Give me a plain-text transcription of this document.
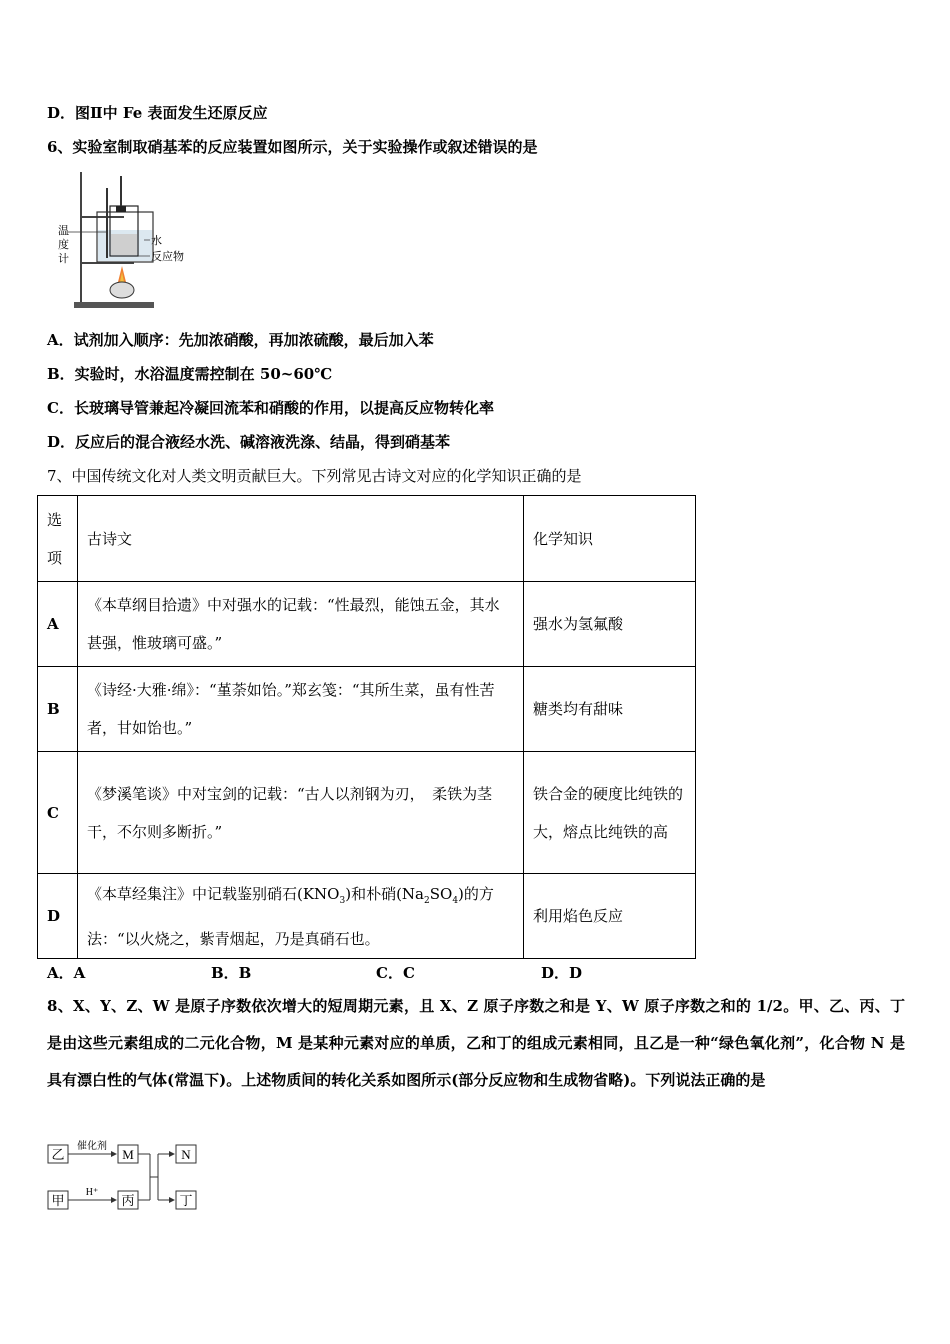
D．图Ⅱ中 Fe 表面发生还原反应
6、实验室制取硝基苯的反应装置如图所示，关于实验操作或叙述错误的是
温
度
计
水
反应物
A．试剂加入顺序：先加浓硝酸，再加浓硫酸，最后加入苯
B．实验时，水浴温度需控制在 50~60℃
C．长玻璃导管兼起冷凝回流苯和硝酸的作用，以提高反应物转化率
D．反应后的混合液经水洗、碱溶液洗涤、结晶，得到硝基苯
7、中国传统文化对人类文明贡献巨大。下列常见古诗文对应的化学知识正确的是
选
项	古诗文	化学知识
A	《本草纲目拾遗》中对强水的记载：“性最烈，能蚀五金，其水甚强，惟玻璃可盛。”	强水为氢氟酸
B	《诗经·大雅·绵》：“堇荼如饴。”郑玄笺：“其所生菜，虽有性苦者，甘如饴也。”	糖类均有甜味
C	《梦溪笔谈》中对宝剑的记载：“古人以剂钢为刃，　柔铁为茎干，不尔则多断折。”	铁合金的硬度比纯铁的大，熔点比纯铁的高
D	《本草经集注》中记载鉴别硝石$(KNO_3)$和朴硝$(Na_2SO_4)$的方法：“以火烧之，紫青烟起，乃是真硝石也。	利用焰色反应
A．A	B．B	C．C	D．D
8、X、Y、Z、W 是原子序数依次增大的短周期元素，且 X、Z 原子序数之和是 Y、W 原子序数之和的 1/2。甲、乙、丙、丁是由这些元素组成的二元化合物，M 是某种元素对应的单质，乙和丁的组成元素相同，且乙是一种“绿色氧化剂”，化合物 N 是具有漂白性的气体(常温下)。上述物质间的转化关系如图所示(部分反应物和生成物省略)。下列说法正确的是
乙
催化剂
M
甲
H⁺
丙
N
丁
